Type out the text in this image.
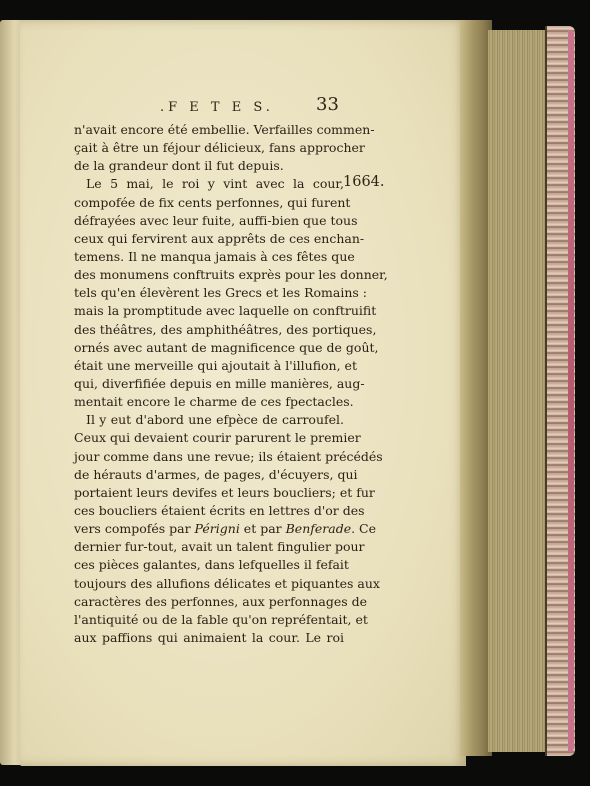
.F E T E S. 33
1664.
n'avait encore été embellie. Verfailles commen-
çait à être un féjour délicieux, fans approcher
de la grandeur dont il fut depuis.
Le 5 mai, le roi y vint avec la cour,
compofée de fix cents perfonnes, qui furent
défrayées avec leur fuite, auffi-bien que tous
ceux qui fervirent aux apprêts de ces enchan-
temens. Il ne manqua jamais à ces fêtes que
des monumens conftruits exprès pour les donner,
tels qu'en élevèrent les Grecs et les Romains :
mais la promptitude avec laquelle on conftruifit
des théâtres, des amphithéâtres, des portiques,
ornés avec autant de magnificence que de goût,
était une merveille qui ajoutait à l'illufion, et
qui, diverfifiée depuis en mille manières, aug-
mentait encore le charme de ces fpectacles.
Il y eut d'abord une efpèce de carroufel.
Ceux qui devaient courir parurent le premier
jour comme dans une revue; ils étaient précédés
de hérauts d'armes, de pages, d'écuyers, qui
portaient leurs devifes et leurs boucliers; et fur
ces boucliers étaient écrits en lettres d'or des
vers compofés par Périgni et par Benferade. Ce
dernier fur-tout, avait un talent fingulier pour
ces pièces galantes, dans lefquelles il fefait
toujours des allufions délicates et piquantes aux
caractères des perfonnes, aux perfonnages de
l'antiquité ou de la fable qu'on repréfentait, et
aux paffions qui animaient la cour. Le roi
